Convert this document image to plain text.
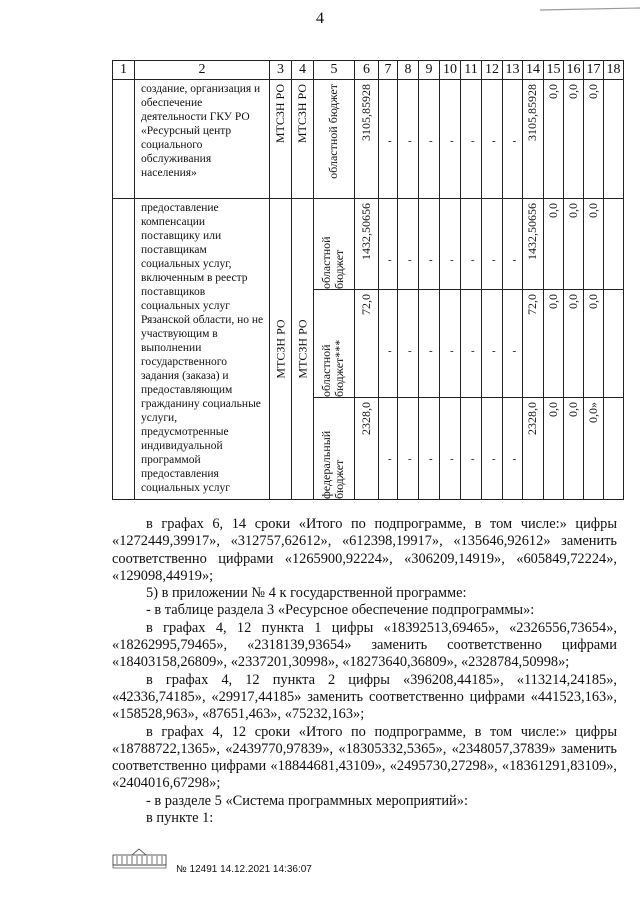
4
1	2	3	4	5	6	7	8	9	10	11	12	13	14	15	16	17	18
	создание, организация и обеспечение деятельности ГКУ РО «Ресурсный центр социального обслуживания населения»	МТСЗН РО	МТСЗН РО	областной бюджет	3105,85928	-	-	-	-	-	-	-	3105,85928	0,0	0,0	0,0	

	предоставление компенсации поставщику или поставщикам социальных услуг, включенным в реестр поставщиков социальных услуг Рязанской области, но не участвующим в выполнении государственного задания (заказа) и предоставляющим гражданину социальные услуги, предусмотренные индивидуальной программой предоставления социальных услуг	МТСЗН РО	МТСЗН РО	областной бюджет	1432,50656	-	-	-	-	-	-	-	1432,50656	0,0	0,0	0,0	

				областной бюджет***	72,0	-	-	-	-	-	-	-	72,0	0,0	0,0	0,0	

				федеральный бюджет	2328,0	-	-	-	-	-	-	-	2328,0	0,0	0,0	0,0»	

в графах 6, 14 сроки «Итого по подпрограмме, в том числе:» цифры «1272449,39917», «312757,62612», «612398,19917», «135646,92612» заменить соответственно цифрами «1265900,92224», «306209,14919», «605849,72224», «129098,44919»;

5) в приложении № 4 к государственной программе:

- в таблице раздела 3 «Ресурсное обеспечение подпрограммы»:

в графах 4, 12 пункта 1 цифры «18392513,69465», «2326556,73654», «18262995,79465», «2318139,93654» заменить соответственно цифрами «18403158,26809», «2337201,30998», «18273640,36809», «2328784,50998»;

в графах 4, 12 пункта 2 цифры «396208,44185», «113214,24185», «42336,74185», «29917,44185» заменить соответственно цифрами «441523,163», «158528,963», «87651,463», «75232,163»;

в графах 4, 12 сроки «Итого по подпрограмме, в том числе:» цифры «18788722,1365», «2439770,97839», «18305332,5365», «2348057,37839» заменить соответственно цифрами «18844681,43109», «2495730,27298», «18361291,83109», «2404016,67298»;

- в разделе 5 «Система программных мероприятий»:

в пункте 1:

№ 12491 14.12.2021 14:36:07
